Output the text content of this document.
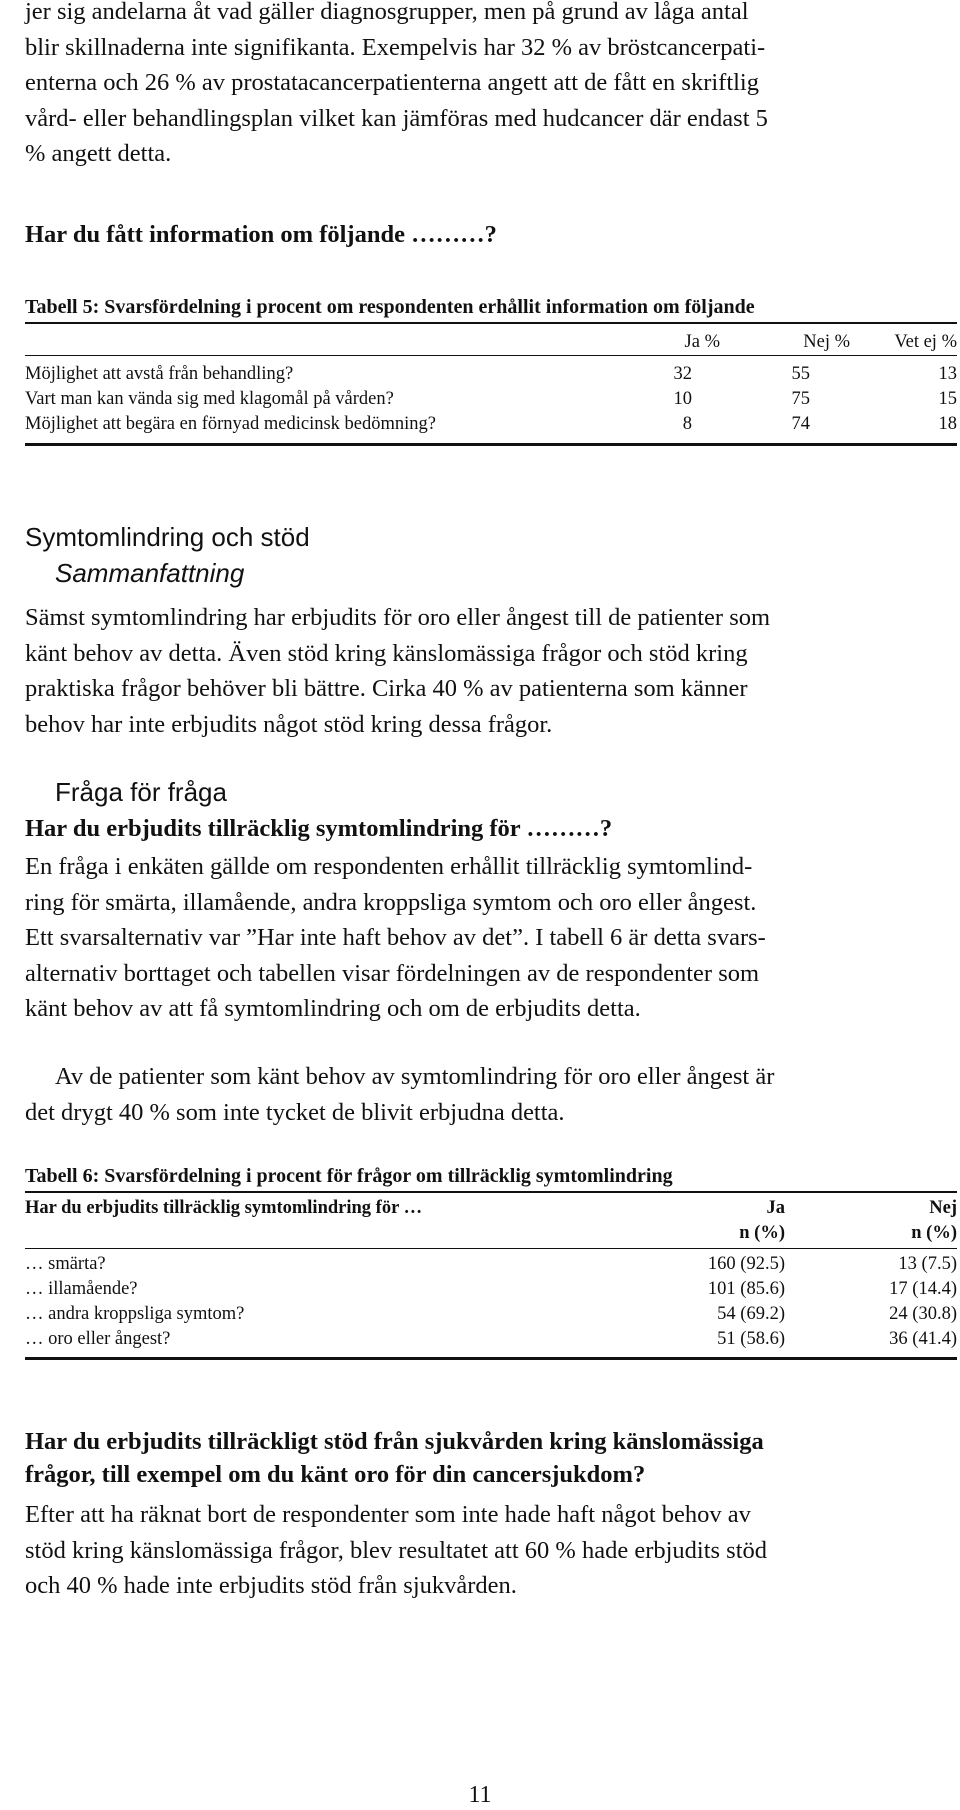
jer sig andelarna åt vad gäller diagnosgrupper, men på grund av låga antal

blir skillnaderna inte signifikanta. Exempelvis har 32 % av bröstcancerpati-

enterna och 26 % av prostatacancerpatienterna angett att de fått en skriftlig

vård- eller behandlingsplan vilket kan jämföras med hudcancer där endast 5

% angett detta.

Har du fått information om följande ………?

Tabell 5: Svarsfördelning i procent om respondenten erhållit information om följande

	Ja %	Nej %	Vet ej %
Möjlighet att avstå från behandling?	32	55	13
Vart man kan vända sig med klagomål på vården?	10	75	15
Möjlighet att begära en förnyad medicinsk bedömning?	8	74	18
Symtomlindring och stöd
Sammanfattning

Sämst symtomlindring har erbjudits för oro eller ångest till de patienter som

känt behov av detta. Även stöd kring känslomässiga frågor och stöd kring

praktiska frågor behöver bli bättre. Cirka 40 % av patienterna som känner

behov har inte erbjudits något stöd kring dessa frågor.

Fråga för fråga

Har du erbjudits tillräcklig symtomlindring för ………?

En fråga i enkäten gällde om respondenten erhållit tillräcklig symtomlind-

ring för smärta, illamående, andra kroppsliga symtom och oro eller ångest.

Ett svarsalternativ var ”Har inte haft behov av det”. I tabell 6 är detta svars-

alternativ borttaget och tabellen visar fördelningen av de respondenter som

känt behov av att få symtomlindring och om de erbjudits detta.

Av de patienter som känt behov av symtomlindring för oro eller ångest är

det drygt 40 % som inte tycket de blivit erbjudna detta.

Tabell 6: Svarsfördelning i procent för frågor om tillräcklig symtomlindring

Har du erbjudits tillräcklig symtomlindring för …	Ja	Nej
	n (%)	n (%)
… smärta?	160 (92.5)	13 (7.5)
… illamående?	101 (85.6)	17 (14.4)
… andra kroppsliga symtom?	54 (69.2)	24 (30.8)
… oro eller ångest?	51 (58.6)	36 (41.4)

Har du erbjudits tillräckligt stöd från sjukvården kring känslomässiga

frågor, till exempel om du känt oro för din cancersjukdom?

Efter att ha räknat bort de respondenter som inte hade haft något behov av

stöd kring känslomässiga frågor, blev resultatet att 60 % hade erbjudits stöd

och 40 % hade inte erbjudits stöd från sjukvården.

11
